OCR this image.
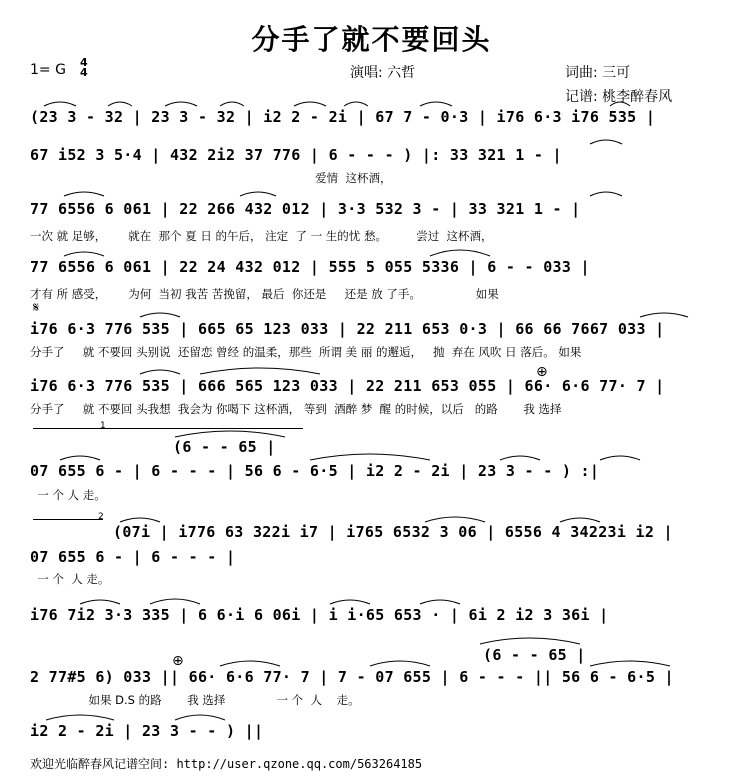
分手了就不要回头
1= G 4
4	演唱: 六哲	词曲: 三可
记谱: 桃李醉春风
(23 3 - 32 | 23 3 - 32 | i2 2 - 2i | 67 7 - 0·3 | i76 6·3 i76 535 |
67 i52 3 5·4 | 432 2i2 37 776 | 6 - - - ) |: 33 321 1 - |
爱情  这杯酒，
77 6556 6 061 | 22 266 432 012 | 3·3 532 3 - | 33 321 1 - |
一次 就 足够，      就在  那个 夏 日 的午后， 注定  了 一 生的忧 愁。        尝过  这杯酒，
77 6556 6 061 | 22 24 432 012 | 555 5 055 5336 | 6 - - 033 |
才有 所 感受，      为何  当初 我苦 苦挽留， 最后  你还是     还是 放 了手。               如果
i76 6·3 776 535 | 665 65 123 033 | 22 211 653 0·3 | 66 66 7667 033 |
分手了     就 不要回 头别说  还留恋 曾经 的温柔，那些  所谓 美 丽 的邂逅，   抛  弃在 风吹 日 落后。 如果
i76 6·3 776 535 | 666 565 123 033 | 22 211 653 055 | 66· 6·6 77· 7 |
分手了     就 不要回 头我想  我会为 你喝下 这杯酒， 等到  酒醉 梦  醒 的时候，以后   的路       我 选择
1
(6 - - 65 |
07 655 6 - | 6 - - - | 56 6 - 6·5 | i2 2 - 2i | 23 3 - - ) :|
一 个 人 走。
2
(07i | i776 63 322i i7 | i765 6532 3 06 | 6556 4 34223i i2 |
07 655 6 - | 6 - - - |
一 个  人 走。
i76 7i2 3·3 335 | 6 6·i 6 06i | i i·65 653 · | 6i 2 i2 3 36i |
(6 - - 65 |
2 77#5 6) 033 || 66· 6·6 77· 7 | 7 - 07 655 | 6 - - - || 56 6 - 6·5 |
如果 D.S 的路       我 选择              一 个  人    走。
i2 2 - 2i | 23 3 - - ) ||
𝄋
⊕
⊕
欢迎光临醉春风记谱空间: http://user.qzone.qq.com/563264185
